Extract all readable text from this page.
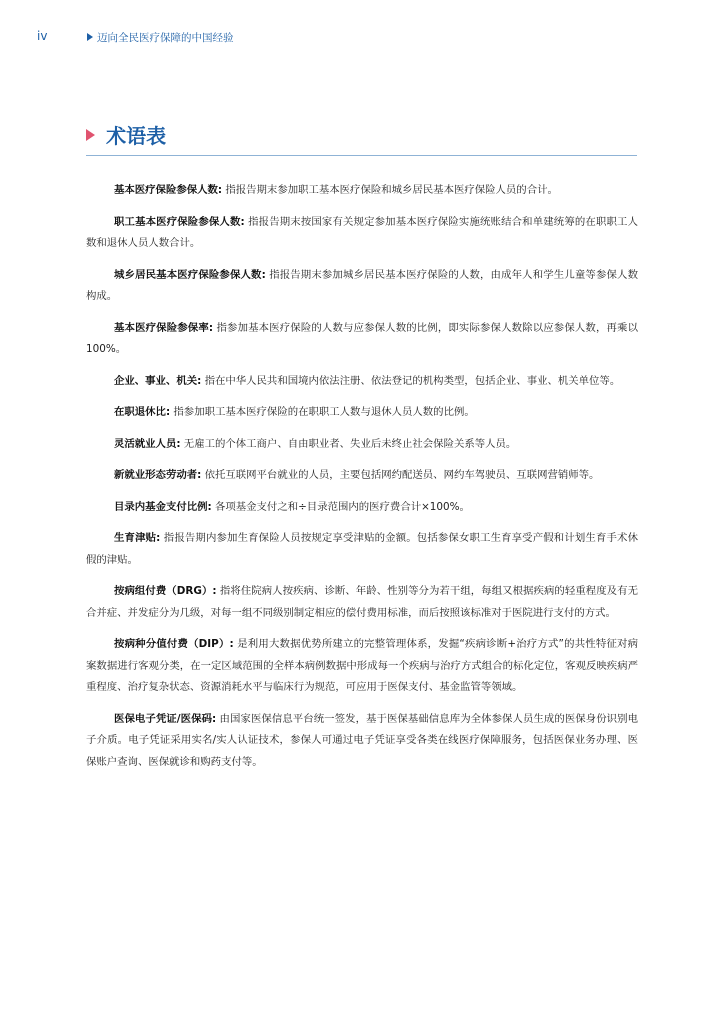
iv	迈向全民医疗保障的中国经验
术语表

基本医疗保险参保人数: 指报告期末参加职工基本医疗保险和城乡居民基本医疗保险人员的合计。

职工基本医疗保险参保人数: 指报告期末按国家有关规定参加基本医疗保险实施统账结合和单建统筹的在职职工人数和退休人员人数合计。

城乡居民基本医疗保险参保人数: 指报告期末参加城乡居民基本医疗保险的人数，由成年人和学生儿童等参保人数构成。

基本医疗保险参保率: 指参加基本医疗保险的人数与应参保人数的比例，即实际参保人数除以应参保人数，再乘以100%。

企业、事业、机关: 指在中华人民共和国境内依法注册、依法登记的机构类型，包括企业、事业、机关单位等。

在职退休比: 指参加职工基本医疗保险的在职职工人数与退休人员人数的比例。

灵活就业人员: 无雇工的个体工商户、自由职业者、失业后未终止社会保险关系等人员。

新就业形态劳动者: 依托互联网平台就业的人员，主要包括网约配送员、网约车驾驶员、互联网营销师等。

目录内基金支付比例: 各项基金支付之和÷目录范围内的医疗费合计×100%。

生育津贴: 指报告期内参加生育保险人员按规定享受津贴的金额。包括参保女职工生育享受产假和计划生育手术休假的津贴。

按病组付费（DRG）: 指将住院病人按疾病、诊断、年龄、性别等分为若干组，每组又根据疾病的轻重程度及有无合并症、并发症分为几级，对每一组不同级别制定相应的偿付费用标准，而后按照该标准对于医院进行支付的方式。

按病种分值付费（DIP）: 是利用大数据优势所建立的完整管理体系，发掘“疾病诊断+治疗方式”的共性特征对病案数据进行客观分类，在一定区域范围的全样本病例数据中形成每一个疾病与治疗方式组合的标化定位，客观反映疾病严重程度、治疗复杂状态、资源消耗水平与临床行为规范，可应用于医保支付、基金监管等领域。

医保电子凭证/医保码: 由国家医保信息平台统一签发，基于医保基础信息库为全体参保人员生成的医保身份识别电子介质。电子凭证采用实名/实人认证技术，参保人可通过电子凭证享受各类在线医疗保障服务，包括医保业务办理、医保账户查询、医保就诊和购药支付等。
